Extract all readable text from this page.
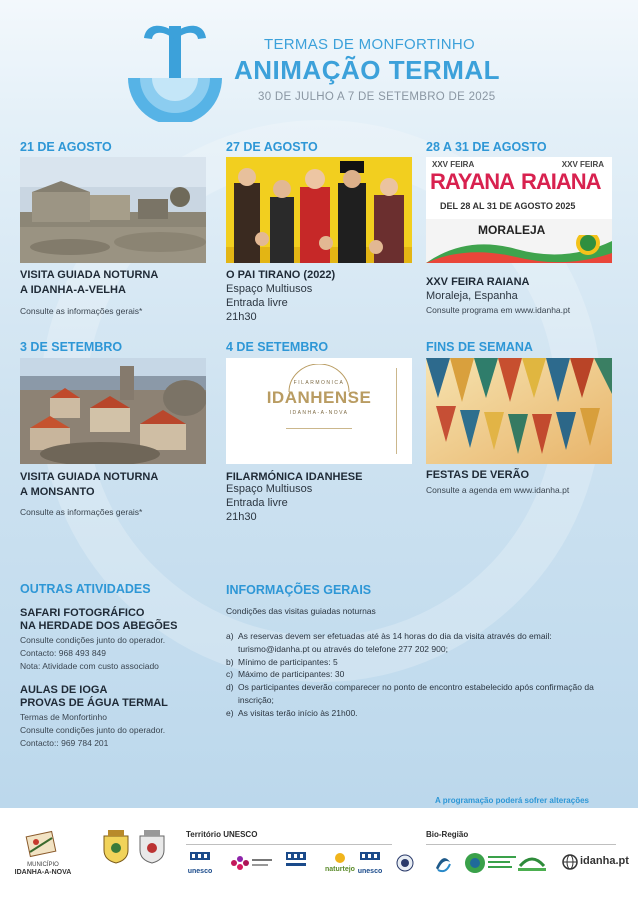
TERMAS DE MONFORTINHO
ANIMAÇÃO TERMAL
30 DE JULHO A 7 DE SETEMBRO DE 2025
21 DE AGOSTO
VISITA GUIADA NOTURNA
A IDANHA-A-VELHA
Consulte as informações gerais*
27 DE AGOSTO
O PAI TIRANO (2022)
Espaço Multiusos
Entrada livre
21h30
28 A 31 DE AGOSTO
XXV FEIRA	XXV FEIRA
RAYANA RAIANA
DEL 28 AL 31 DE AGOSTO 2025
MORALEJA
XXV FEIRA RAIANA
Moraleja, Espanha
Consulte programa em www.idanha.pt
3 DE SETEMBRO
VISITA GUIADA NOTURNA
A MONSANTO
Consulte as informações gerais*
4 DE SETEMBRO
FILARMONICA
IDANHENSE
IDANHA-A-NOVA
FILARMÓNICA IDANHESE
Espaço Multiusos
Entrada livre
21h30
FINS DE SEMANA
FESTAS DE VERÃO
Consulte a agenda em www.idanha.pt
OUTRAS ATIVIDADES
SAFARI FOTOGRÁFICO
NA HERDADE DOS ABEGÕES
Consulte condições junto do operador.
Contacto: 968 493 849
Nota: Atividade com custo associado
AULAS DE IOGA
PROVAS DE ÁGUA TERMAL
Termas de Monfortinho
Consulte condições junto do operador.
Contacto:: 969 784 201
INFORMAÇÕES GERAIS
Condições das visitas guiadas noturnas
a) As reservas devem ser efetuadas até às 14 horas do dia da visita através do email: turismo@idanha.pt ou através do telefone 277 202 900;
b) Mínimo de participantes: 5
c) Máximo de participantes: 30
d) Os participantes deverão comparecer no ponto de encontro estabelecido após confirmação da inscrição;
e) As visitas terão início às 21h00.
A programação poderá sofrer alterações
MUNICÍPIO
IDANHA-A-NOVA
Território UNESCO
unesco	naturtejo unesco
Bio-Região
idanha.pt
